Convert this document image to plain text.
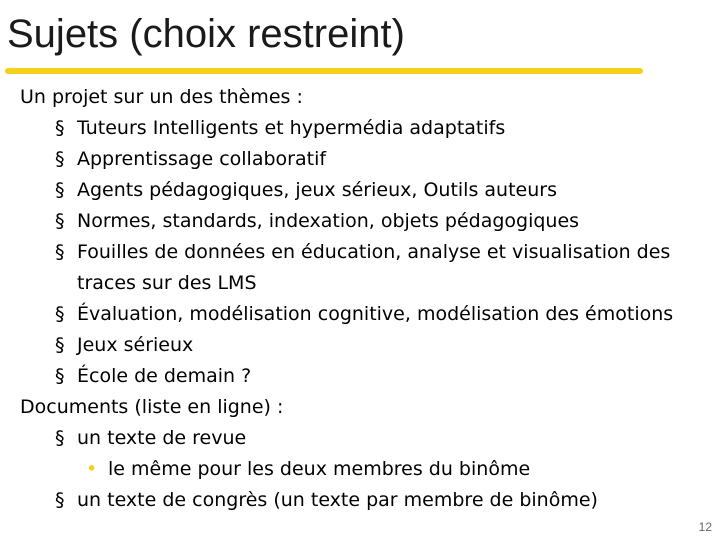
Sujets (choix restreint)
Un projet sur un des thèmes :
§ Tuteurs Intelligents et hypermédia adaptatifs
§ Apprentissage collaboratif
§ Agents pédagogiques, jeux sérieux, Outils auteurs
§ Normes, standards, indexation, objets pédagogiques
§ Fouilles de données en éducation, analyse et visualisation des
traces sur des LMS
§ Évaluation, modélisation cognitive, modélisation des émotions
§ Jeux sérieux
§ École de demain ?
Documents (liste en ligne) :
§ un texte de revue
• le même pour les deux membres du binôme
§ un texte de congrès (un texte par membre de binôme)
12
